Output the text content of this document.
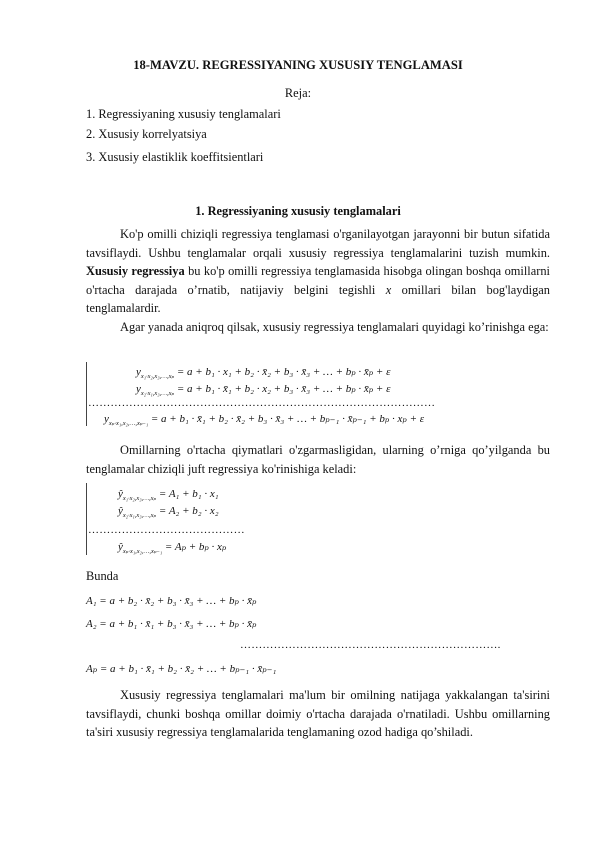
18-MAVZU. REGRESSIYANING XUSUSIY TENGLAMASI
Reja:
1. Regressiyaning xususiy tenglamalari
2. Xususiy korrelyatsiya
3. Xususiy elastiklik koeffitsientlari
1. Regressiyaning xususiy tenglamalari
Ko'p omilli chiziqli regressiya tenglamasi o'rganilayotgan jarayonni bir butun sifatida tavsiflaydi. Ushbu tenglamalar orqali xususiy regressiya tenglamalarini tuzish mumkin. Xususiy regressiya bu ko'p omilli regressiya tenglamasida hisobga olingan boshqa omillarni o'rtacha darajada o’rnatib, natijaviy belgini tegishli x omillari bilan bog'laydigan tenglamalardir.
Agar yanada aniqroq qilsak, xususiy regressiya tenglamalari quyidagi ko’rinishga ega:
$y_{x_1\cdot x_2,x_3,\dots,x_p} = a + b_1 \cdot x_1 + b_2$ · x̄₂ + b₃ · x̄₃ + … + bₚ · x̄ₚ + ε
$y_{x_2\cdot x_1,x_3,\dots,x_p} = a + b_1$ · x̄₁ + b₂ · x₂ + b₃ · x̄₃ + … + bₚ · x̄ₚ + ε
…………………………………………………………………………………
$y_{x_p\cdot x_1,x_2,\dots,x_{p-1}} = a + b_1$ · x̄₁ + b₂ · x̄₂ + b₃ · x̄₃ + … + bₚ₋₁ · x̄ₚ₋₁ + bₚ · xₚ + ε
Omillarning o'rtacha qiymatlari o'zgarmasligidan, ularning o’rniga qo’yilganda bu tenglamalar chiziqli juft regressiya ko'rinishiga keladi:
$ŷ_{x_1\cdot x_2,x_3,\dots,x_p} = A_1 + b_1 \cdot x_1$
$ŷ_{x_2\cdot x_1,x_3,\dots,x_p} = A_2 + b_2 \cdot x_2$
……………………………………
$ŷ_{x_p\cdot x_1,x_2,\dots,x_{p-1}} = A_p + b_p \cdot x_p$
Bunda
A₁ = a + b₂ · x̄₂ + b₃ · x̄₃ + … + bₚ · x̄ₚ
A₂ = a + b₁ · x̄₁ + b₃ · x̄₃ + … + bₚ · x̄ₚ
…………………………………………………………….
Aₚ = a + b₁ · x̄₁ + b₂ · x̄₂ + … + bₚ₋₁ · x̄ₚ₋₁
Xususiy regressiya tenglamalari ma'lum bir omilning natijaga yakkalangan ta'sirini tavsiflaydi, chunki boshqa omillar doimiy o'rtacha darajada o'rnatiladi. Ushbu omillarning ta'siri xususiy regressiya tenglamalarida tenglamaning ozod hadiga qo’shiladi.
